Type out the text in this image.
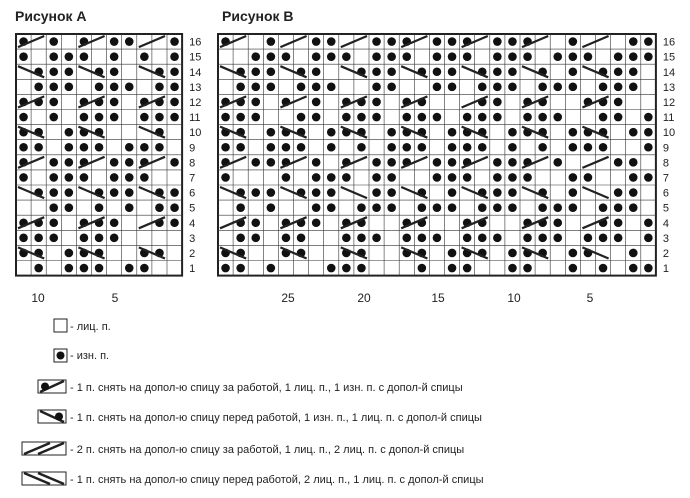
Рисунок А	Рисунок В
16
15
14
13
12
11
10
9
8
7
6
5
4
3
2
1
16
15
14
13
12
11
10
9
8
7
6
5
4
3
2
1
10	5	25	20	15	10	5
- лиц. п.
- изн. п.
- 1 п. снять на допол-ю спицу за работой, 1 лиц. п., 1 изн. п. с допол-й спицы
- 1 п. снять на допол-ю спицу перед работой, 1 изн. п., 1 лиц. п. с допол-й спицы
- 2 п. снять на допол-ю спицу за работой, 1 лиц. п., 2 лиц. п. с допол-й спицы
- 1 п. снять на допол-ю спицу перед работой, 2 лиц. п., 1 лиц. п. с допол-й спицы
